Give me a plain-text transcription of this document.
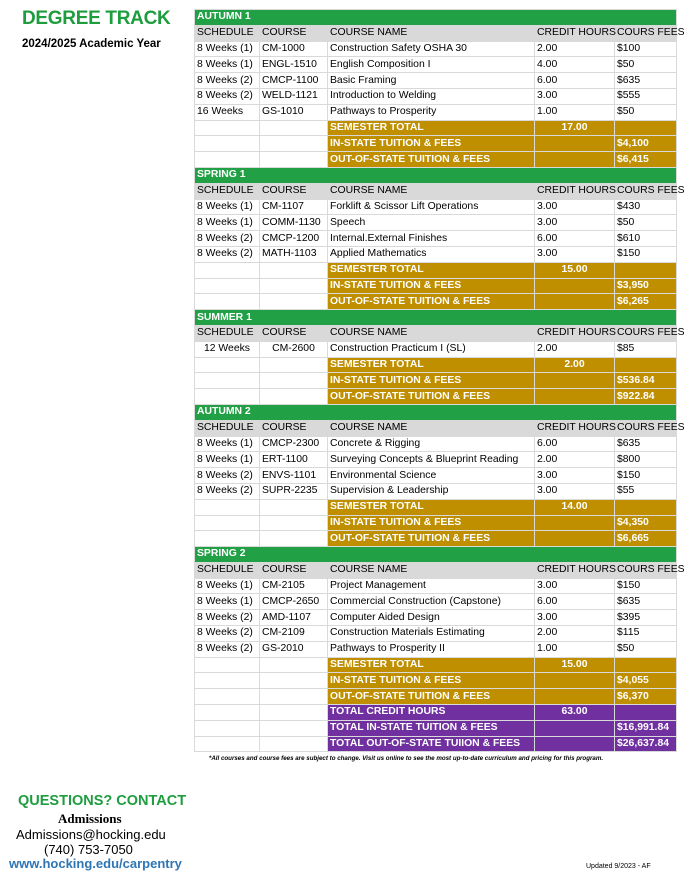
DEGREE TRACK
2024/2025 Academic Year
AUTUMN 1				
SCHEDULE	COURSE	COURSE NAME	CREDIT HOURS	COURS FEES
8 Weeks (1)	CM-1000	Construction Safety OSHA 30	2.00	$100
8 Weeks (1)	ENGL-1510	English Composition I	4.00	$50
8 Weeks (2)	CMCP-1100	Basic Framing	6.00	$635
8 Weeks (2)	WELD-1121	Introduction to Welding	3.00	$555
16 Weeks	GS-1010	Pathways to Prosperity	1.00	$50
		SEMESTER TOTAL	17.00	
		IN-STATE TUITION & FEES		$4,100
		OUT-OF-STATE TUITION & FEES		$6,415
SPRING 1				
SCHEDULE	COURSE	COURSE NAME	CREDIT HOURS	COURS FEES
8 Weeks (1)	CM-1107	Forklift & Scissor Lift Operations	3.00	$430
8 Weeks (1)	COMM-1130	Speech	3.00	$50
8 Weeks (2)	CMCP-1200	Internal.External Finishes	6.00	$610
8 Weeks (2)	MATH-1103	Applied Mathematics	3.00	$150
		SEMESTER TOTAL	15.00	
		IN-STATE TUITION & FEES		$3,950
		OUT-OF-STATE TUITION & FEES		$6,265
SUMMER 1				
SCHEDULE	COURSE	COURSE NAME	CREDIT HOURS	COURS FEES
12 Weeks	CM-2600	Construction Practicum I (SL)	2.00	$85
		SEMESTER TOTAL	2.00	
		IN-STATE TUITION & FEES		$536.84
		OUT-OF-STATE TUITION & FEES		$922.84
AUTUMN 2				
SCHEDULE	COURSE	COURSE NAME	CREDIT HOURS	COURS FEES
8 Weeks (1)	CMCP-2300	Concrete & Rigging	6.00	$635
8 Weeks (1)	ERT-1100	Surveying Concepts & Blueprint Reading	2.00	$800
8 Weeks (2)	ENVS-1101	Environmental Science	3.00	$150
8 Weeks (2)	SUPR-2235	Supervision & Leadership	3.00	$55
		SEMESTER TOTAL	14.00	
		IN-STATE TUITION & FEES		$4,350
		OUT-OF-STATE TUITION & FEES		$6,665
SPRING 2				
SCHEDULE	COURSE	COURSE NAME	CREDIT HOURS	COURS FEES
8 Weeks (1)	CM-2105	Project Management	3.00	$150
8 Weeks (1)	CMCP-2650	Commercial Construction (Capstone)	6.00	$635
8 Weeks (2)	AMD-1107	Computer Aided Design	3.00	$395
8 Weeks (2)	CM-2109	Construction Materials Estimating	2.00	$115
8 Weeks (2)	GS-2010	Pathways to Prosperity II	1.00	$50
		SEMESTER TOTAL	15.00	
		IN-STATE TUITION & FEES		$4,055
		OUT-OF-STATE TUITION & FEES		$6,370
		TOTAL CREDIT HOURS	63.00	
		TOTAL IN-STATE TUITION & FEES		$16,991.84
		TOTAL OUT-OF-STATE TUIION & FEES		$26,637.84
*All courses and course fees are subject to change. Visit us online to see the most up-to-date curriculum and pricing for this program.
QUESTIONS? CONTACT
Admissions
Admissions@hocking.edu
(740) 753-7050
www.hocking.edu/carpentry	Updated 9/2023 - AF
